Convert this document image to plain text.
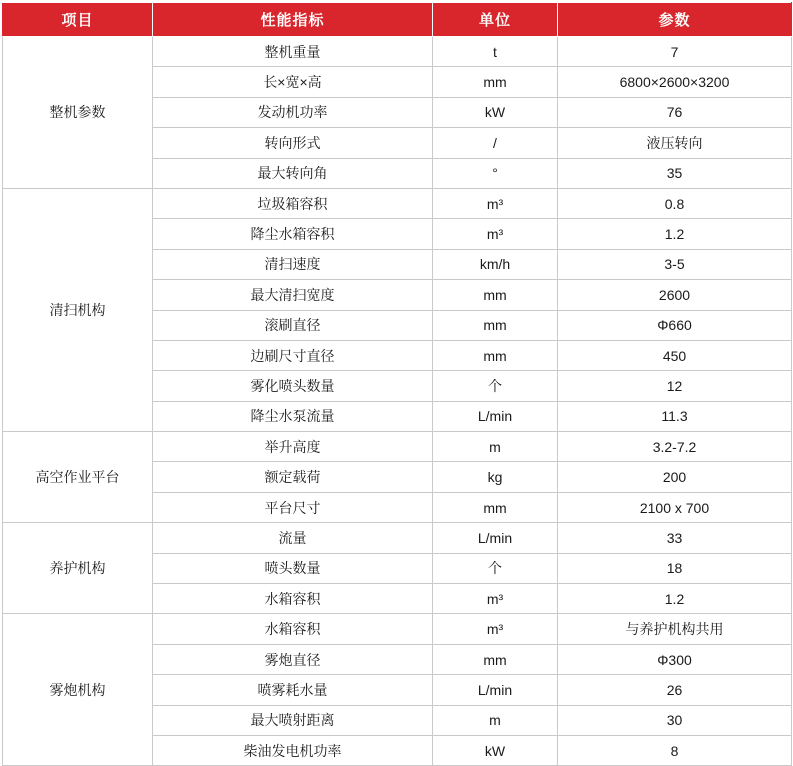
项目	性能指标	单位	参数
整机参数	整机重量	t	7
	长×宽×高	mm	6800×2600×3200
	发动机功率	kW	76
	转向形式	/	液压转向
	最大转向角	°	35
清扫机构	垃圾箱容积	m³	0.8
	降尘水箱容积	m³	1.2
	清扫速度	km/h	3-5
	最大清扫宽度	mm	2600
	滚刷直径	mm	Φ660
	边刷尺寸直径	mm	450
	雾化喷头数量	个	12
	降尘水泵流量	L/min	11.3
高空作业平台	举升高度	m	3.2-7.2
	额定载荷	kg	200
	平台尺寸	mm	2100 x 700
养护机构	流量	L/min	33
	喷头数量	个	18
	水箱容积	m³	1.2
雾炮机构	水箱容积	m³	与养护机构共用
	雾炮直径	mm	Φ300
	喷雾耗水量	L/min	26
	最大喷射距离	m	30
	柴油发电机功率	kW	8
